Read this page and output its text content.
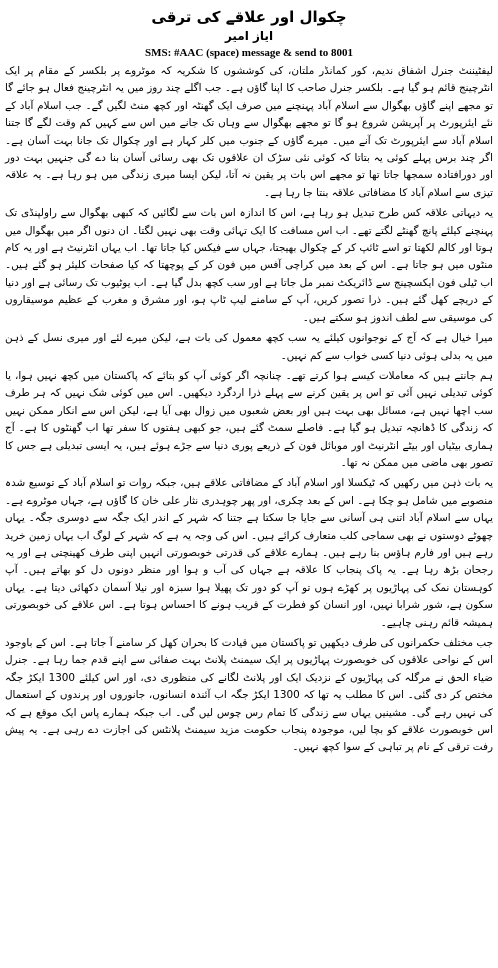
چکوال اور علاقے کی ترقی
ایاز امیر
SMS: #AAC (space) message & send to 8001

لیفٹیننٹ جنرل اشفاق ندیم، کور کمانڈر ملتان، کی کوششوں کا شکریہ کہ موٹروے پر بلکسر کے مقام پر ایک انٹرچینج قائم ہو گیا ہے۔ بلکسر جنرل صاحب کا اپنا گاؤں ہے۔ جب اگلے چند روز میں یہ انٹرچینج فعال ہو جائے گا تو مجھے اپنے گاؤں بھگوال سے اسلام آباد پہنچنے میں صرف ایک گھنٹہ اور کچھ منٹ لگیں گے۔ جب اسلام آباد کے نئے ایئرپورٹ پر آپریشن شروع ہو گا تو مجھے بھگوال سے وہاں تک جانے میں اس سے کہیں کم وقت لگے گا جتنا اسلام آباد سے ایئرپورٹ تک آنے میں۔ میرے گاؤں کے جنوب میں کلر کہار ہے اور چکوال تک جانا بہت آسان ہے۔ اگر چند برس پہلے کوئی یہ بتاتا کہ کوئی نئی سڑک ان علاقوں تک بھی رسائی آسان بنا دے گی جنہیں بہت دور اور دورافتادہ سمجھا جاتا تھا تو مجھے اس بات پر یقین نہ آتا، لیکن ایسا میری زندگی میں ہو رہا ہے۔ یہ علاقہ تیزی سے اسلام آباد کا مضافاتی علاقہ بنتا جا رہا ہے۔

یہ دیہاتی علاقہ کس طرح تبدیل ہو رہا ہے، اس کا اندازہ اس بات سے لگائیں کہ کبھی بھگوال سے راولپنڈی تک پہنچنے کیلئے پانچ گھنٹے لگتے تھے۔ اب اس مسافت کا ایک تہائی وقت بھی نہیں لگتا۔ ان دنوں اگر میں بھگوال میں ہوتا اور کالم لکھتا تو اسے ٹائپ کر کے چکوال بھیجتا، جہاں سے فیکس کیا جاتا تھا۔ اب یہاں انٹرنیٹ ہے اور یہ کام منٹوں میں ہو جاتا ہے۔ اس کے بعد میں کراچی آفس میں فون کر کے پوچھتا کہ کیا صفحات کلیئر ہو گئے ہیں۔ اب ٹیلی فون ایکسچینج سے ڈائریکٹ نمبر مل جاتا ہے اور سب کچھ بدل گیا ہے۔ اب یوٹیوب تک رسائی ہے اور دنیا کے دریچے کھل گئے ہیں۔ ذرا تصور کریں، آپ کے سامنے لیپ ٹاپ ہو، اور مشرق و مغرب کے عظیم موسیقاروں کی موسیقی سے لطف اندوز ہو سکتے ہیں۔

میرا خیال ہے کہ آج کے نوجوانوں کیلئے یہ سب کچھ معمول کی بات ہے، لیکن میرے لئے اور میری نسل کے ذہن میں یہ بدلی ہوئی دنیا کسی خواب سے کم نہیں۔

ہم جانتے ہیں کہ معاملات کیسے ہوا کرتے تھے۔ چنانچہ اگر کوئی آپ کو بتائے کہ پاکستان میں کچھ نہیں ہوا، یا کوئی تبدیلی نہیں آئی تو اس پر یقین کرنے سے پہلے ذرا اردگرد دیکھیں۔ اس میں کوئی شک نہیں کہ ہر طرف سب اچھا نہیں ہے، مسائل بھی بہت ہیں اور بعض شعبوں میں زوال بھی آیا ہے، لیکن اس سے انکار ممکن نہیں کہ زندگی کا ڈھانچہ تبدیل ہو گیا ہے۔ فاصلے سمٹ گئے ہیں، جو کبھی ہفتوں کا سفر تھا اب گھنٹوں کا ہے۔ آج ہماری بیٹیاں اور بیٹے انٹرنیٹ اور موبائل فون کے ذریعے پوری دنیا سے جڑے ہوئے ہیں، یہ ایسی تبدیلی ہے جس کا تصور بھی ماضی میں ممکن نہ تھا۔

یہ بات ذہن میں رکھیں کہ ٹیکسلا اور اسلام آباد کے مضافاتی علاقے ہیں، جبکہ روات تو اسلام آباد کے توسیع شدہ منصوبے میں شامل ہو چکا ہے۔ اس کے بعد چکری، اور پھر چوہدری نثار علی خان کا گاؤں ہے، جہاں موٹروے ہے۔ یہاں سے اسلام آباد اتنی ہی آسانی سے جایا جا سکتا ہے جتنا کہ شہر کے اندر ایک جگہ سے دوسری جگہ۔ یہاں چھوٹے دوستوں نے بھی سماجی کلب متعارف کرائے ہیں۔ اس کی وجہ یہ ہے کہ شہر کے لوگ اب یہاں زمین خرید رہے ہیں اور فارم ہاؤس بنا رہے ہیں۔ ہمارے علاقے کی قدرتی خوبصورتی انہیں اپنی طرف کھینچتی ہے اور یہ رجحان بڑھ رہا ہے۔ یہ پاک پنجاب کا علاقہ ہے جہاں کی آب و ہوا اور منظر دونوں دل کو بھاتے ہیں۔ آپ کوہستان نمک کی پہاڑیوں پر کھڑے ہوں تو آپ کو دور تک پھیلا ہوا سبزہ اور نیلا آسمان دکھائی دیتا ہے۔ یہاں سکون ہے، شور شرابا نہیں، اور انسان کو فطرت کے قریب ہونے کا احساس ہوتا ہے۔ اس علاقے کی خوبصورتی ہمیشہ قائم رہنی چاہیے۔

جب مختلف حکمرانوں کی طرف دیکھیں تو پاکستان میں قیادت کا بحران کھل کر سامنے آ جاتا ہے۔ اس کے باوجود اس کے نواحی علاقوں کی خوبصورت پہاڑیوں پر ایک سیمنٹ پلانٹ بہت صفائی سے اپنے قدم جما رہا ہے۔ جنرل ضیاء الحق نے مرگلہ کی پہاڑیوں کے نزدیک ایک اور پلانٹ لگانے کی منظوری دی، اور اس کیلئے 1300 ایکڑ جگہ مختص کر دی گئی۔ اس کا مطلب یہ تھا کہ 1300 ایکڑ جگہ اب آئندہ انسانوں، جانوروں اور پرندوں کے استعمال کی نہیں رہے گی۔ مشینیں یہاں سے زندگی کا تمام رس چوس لیں گی۔ اب جبکہ ہمارے پاس ایک موقع ہے کہ اس خوبصورت علاقے کو بچا لیں، موجودہ پنجاب حکومت مزید سیمنٹ پلانٹس کی اجازت دے رہی ہے۔ یہ پیش رفت ترقی کے نام پر تباہی کے سوا کچھ نہیں۔
